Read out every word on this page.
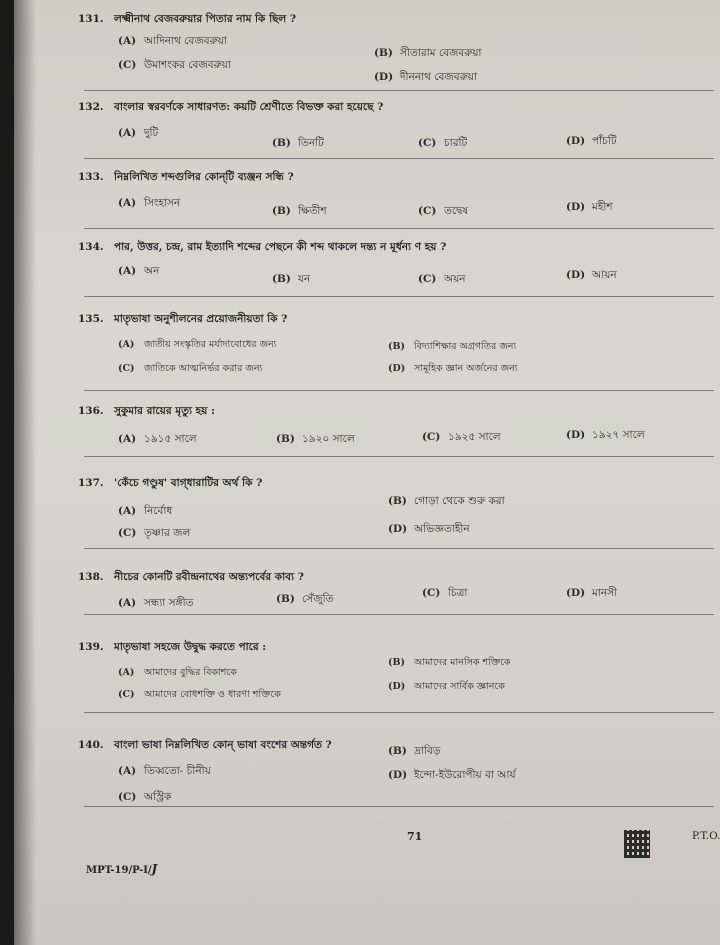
131. লক্ষ্মীনাথ বেজবরুয়ার পিতার নাম কি ছিল ?
(A) আদিনাথ বেজবরুয়া
(B) সীতারাম বেজবরুয়া
(C) উমাশংকর বেজবরুয়া
(D) দীননাথ বেজবরুয়া
132. বাংলার স্বরবর্ণকে সাধারণত: কয়টি শ্রেণীতে বিভক্ত করা হয়েছে ?
(A) দুটি
(B) তিনটি	(C) চারটি	(D) পাঁচটি
133. নিম্নলিখিত শব্দগুলির কোন্‌টি ব্যঞ্জন সন্ধি ?
(A) সিংহাসন
(B) ক্ষিতীশ	(C) তদ্বেষ	(D) মহীশ
134. পার, উত্তর, চন্দ্র, রাম ইত্যাদি শব্দের পেছনে কী শব্দ থাকলে দন্ত্য ন মূর্ধন্য ণ হয় ?
(A) অন
(B) যন	(C) অয়ন	(D) আয়ন
135. মাতৃভাষা অনুশীলনের প্রয়োজনীয়তা কি ?
(A) জাতীয় সংস্কৃতির মর্যাদাবোধের জন্য	(B) বিদ্যাশিক্ষার অগ্রগতির জন্য
(C) জাতিকে আত্মনির্ভর করার জন্য	(D) সামূহিক জ্ঞান অর্জনের জন্য
136. সুকুমার রায়ের মৃত্যু হয় :
(A) ১৯১৫ সালে	(B) ১৯২০ সালে	(C) ১৯২৫ সালে	(D) ১৯২৭ সালে
137. 'কেঁচে গণ্ডুষ' বাগ্‌ধারাটির অর্থ কি ?
(A) নির্বোধ
(B) গোড়া থেকে শুরু করা
(C) তৃষ্ণার জল	(D) অভিজ্ঞতাহীন
138. নীচের কোনটি রবীন্দ্রনাথের অন্ত্যপর্বের কাব্য ?
(A) সন্ধ্যা সঙ্গীত	(B) সেঁজুতি	(C) চিত্রা	(D) মানসী
139. মাতৃভাষা সহজে উদ্বুদ্ধ করতে পারে :
(A) আমাদের বুদ্ধির বিকাশকে
(B) আমাদের মানসিক শক্তিকে
(C) আমাদের বোধশক্তি ও ধারণা শক্তিকে
(D) আমাদের সার্বিক জ্ঞানকে
140. বাংলা ভাষা নিম্নলিখিত কোন্ ভাষা বংশের অন্তর্গত ?
(A) তিব্বতো- চীনীয়
(B) দ্রাবিড়
(C) অস্ট্রিক
(D) ইন্দো-ইউরোপীয় বা আর্য
71	P.T.O.
MPT-19/P-I/J
